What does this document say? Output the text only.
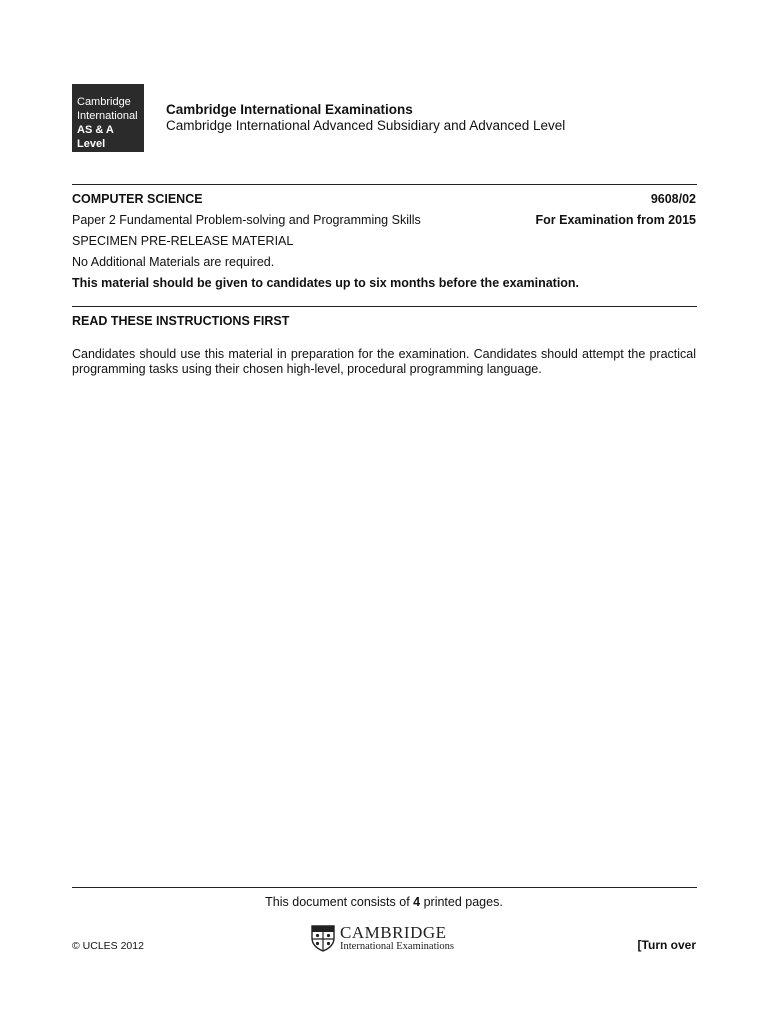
Cambridge
International
AS & A Level
Cambridge International Examinations
Cambridge International Advanced Subsidiary and Advanced Level
COMPUTER SCIENCE	9608/02
Paper 2 Fundamental Problem-solving and Programming Skills	For Examination from 2015
SPECIMEN PRE-RELEASE MATERIAL
No Additional Materials are required.
This material should be given to candidates up to six months before the examination.
READ THESE INSTRUCTIONS FIRST
Candidates should use this material in preparation for the examination. Candidates should attempt the practical programming tasks using their chosen high-level, procedural programming language.
This document consists of 4 printed pages.
© UCLES 2012
CAMBRIDGE
International Examinations	[Turn over
